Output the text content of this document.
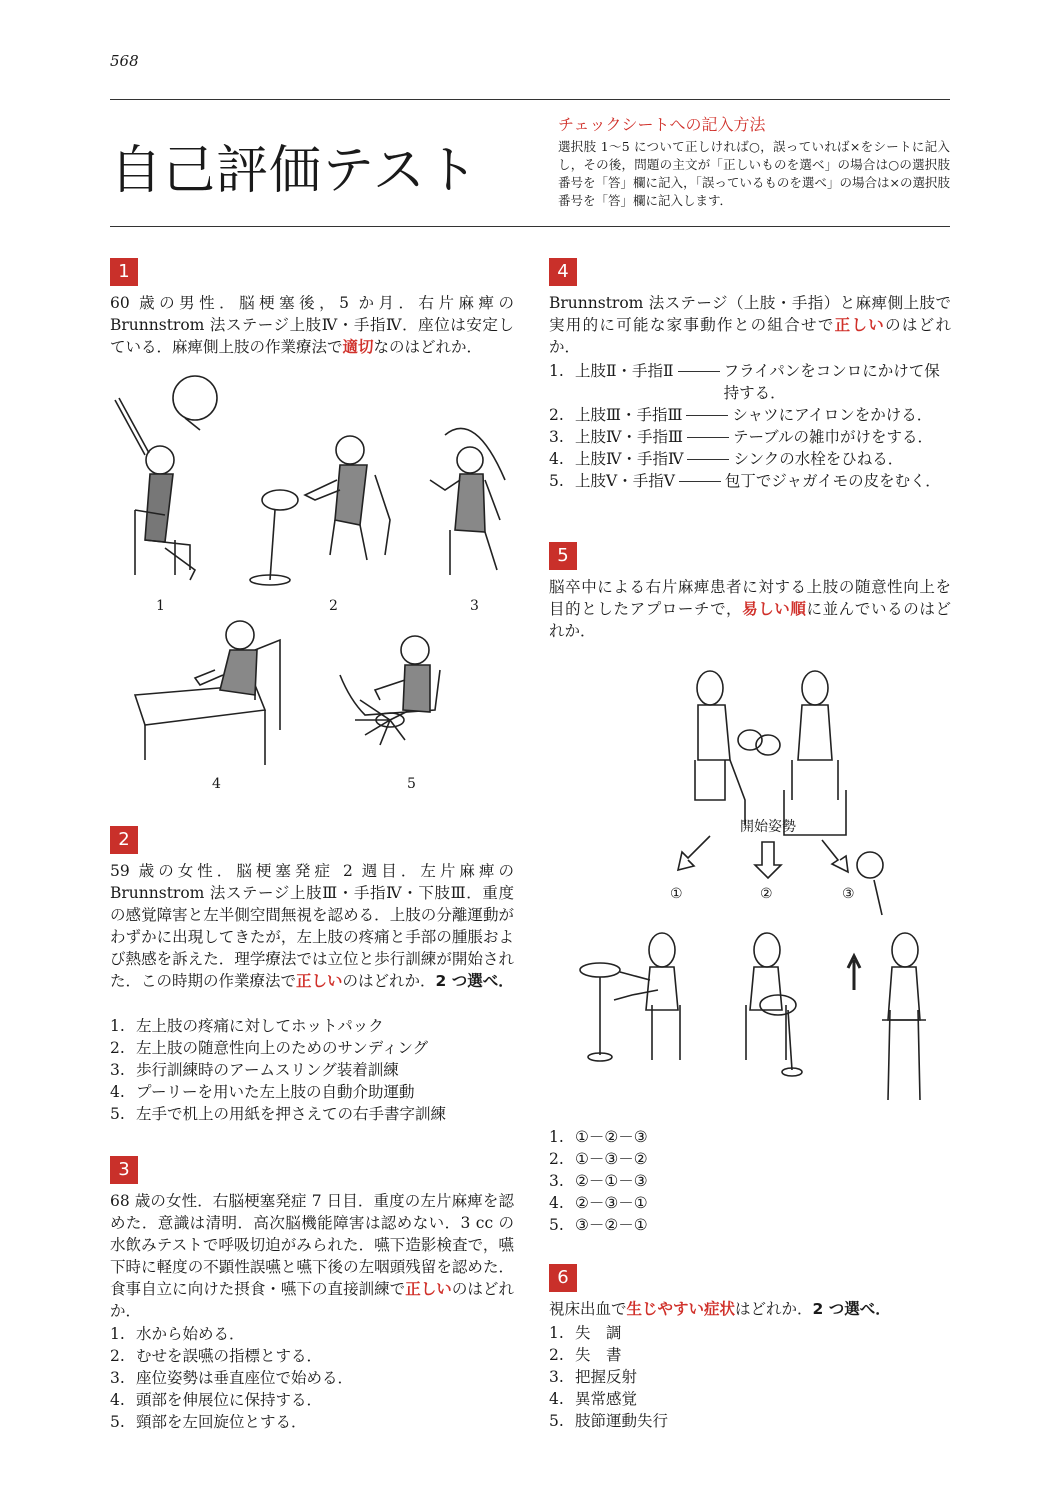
568
自己評価テスト
チェックシートへの記入方法
選択肢 1〜5 について正しければ○，誤っていれば×をシートに記入し，その後，問題の主文が「正しいものを選べ」の場合は○の選択肢番号を「答」欄に記入，「誤っているものを選べ」の場合は×の選択肢番号を「答」欄に記入します．
1
60 歳の男性．脳梗塞後，5 か月．右片麻痺の Brunnstrom 法ステージ上肢Ⅳ・手指Ⅳ．座位は安定している．麻痺側上肢の作業療法で適切なのはどれか．
1	2	3
4	5
2
59 歳の女性．脳梗塞発症 2 週目．左片麻痺の Brunnstrom 法ステージ上肢Ⅲ・手指Ⅳ・下肢Ⅲ．重度の感覚障害と左半側空間無視を認める．上肢の分離運動がわずかに出現してきたが，左上肢の疼痛と手部の腫脹および熱感を訴えた．理学療法では立位と歩行訓練が開始された．この時期の作業療法で正しいのはどれか．2 つ選べ．
1. 左上肢の疼痛に対してホットパック
2. 左上肢の随意性向上のためのサンディング
3. 歩行訓練時のアームスリング装着訓練
4. プーリーを用いた左上肢の自動介助運動
5. 左手で机上の用紙を押さえての右手書字訓練
3
68 歳の女性．右脳梗塞発症 7 日目．重度の左片麻痺を認めた．意識は清明．高次脳機能障害は認めない．3 cc の水飲みテストで呼吸切迫がみられた．嚥下造影検査で，嚥下時に軽度の不顕性誤嚥と嚥下後の左咽頭残留を認めた．食事自立に向けた摂食・嚥下の直接訓練で正しいのはどれか．
1. 水から始める．
2. むせを誤嚥の指標とする．
3. 座位姿勢は垂直座位で始める．
4. 頭部を伸展位に保持する．
5. 頸部を左回旋位とする．
4
Brunnstrom 法ステージ（上肢・手指）と麻痺側上肢で実用的に可能な家事動作との組合せで正しいのはどれか．
1. 上肢Ⅱ・手指Ⅱ	フライパンをコンロにかけて保持する．
2. 上肢Ⅲ・手指Ⅲ	シャツにアイロンをかける．
3. 上肢Ⅳ・手指Ⅲ	テーブルの雑巾がけをする．
4. 上肢Ⅳ・手指Ⅳ	シンクの水栓をひねる．
5. 上肢Ⅴ・手指Ⅴ	包丁でジャガイモの皮をむく．
5
脳卒中による右片麻痺患者に対する上肢の随意性向上を目的としたアプローチで，易しい順に並んでいるのはどれか．
開始姿勢
①	②	③
1. ①－②－③
2. ①－③－②
3. ②－①－③
4. ②－③－①
5. ③－②－①
6
視床出血で生じやすい症状はどれか．2 つ選べ．
1. 失　調
2. 失　書
3. 把握反射
4. 異常感覚
5. 肢節運動失行
